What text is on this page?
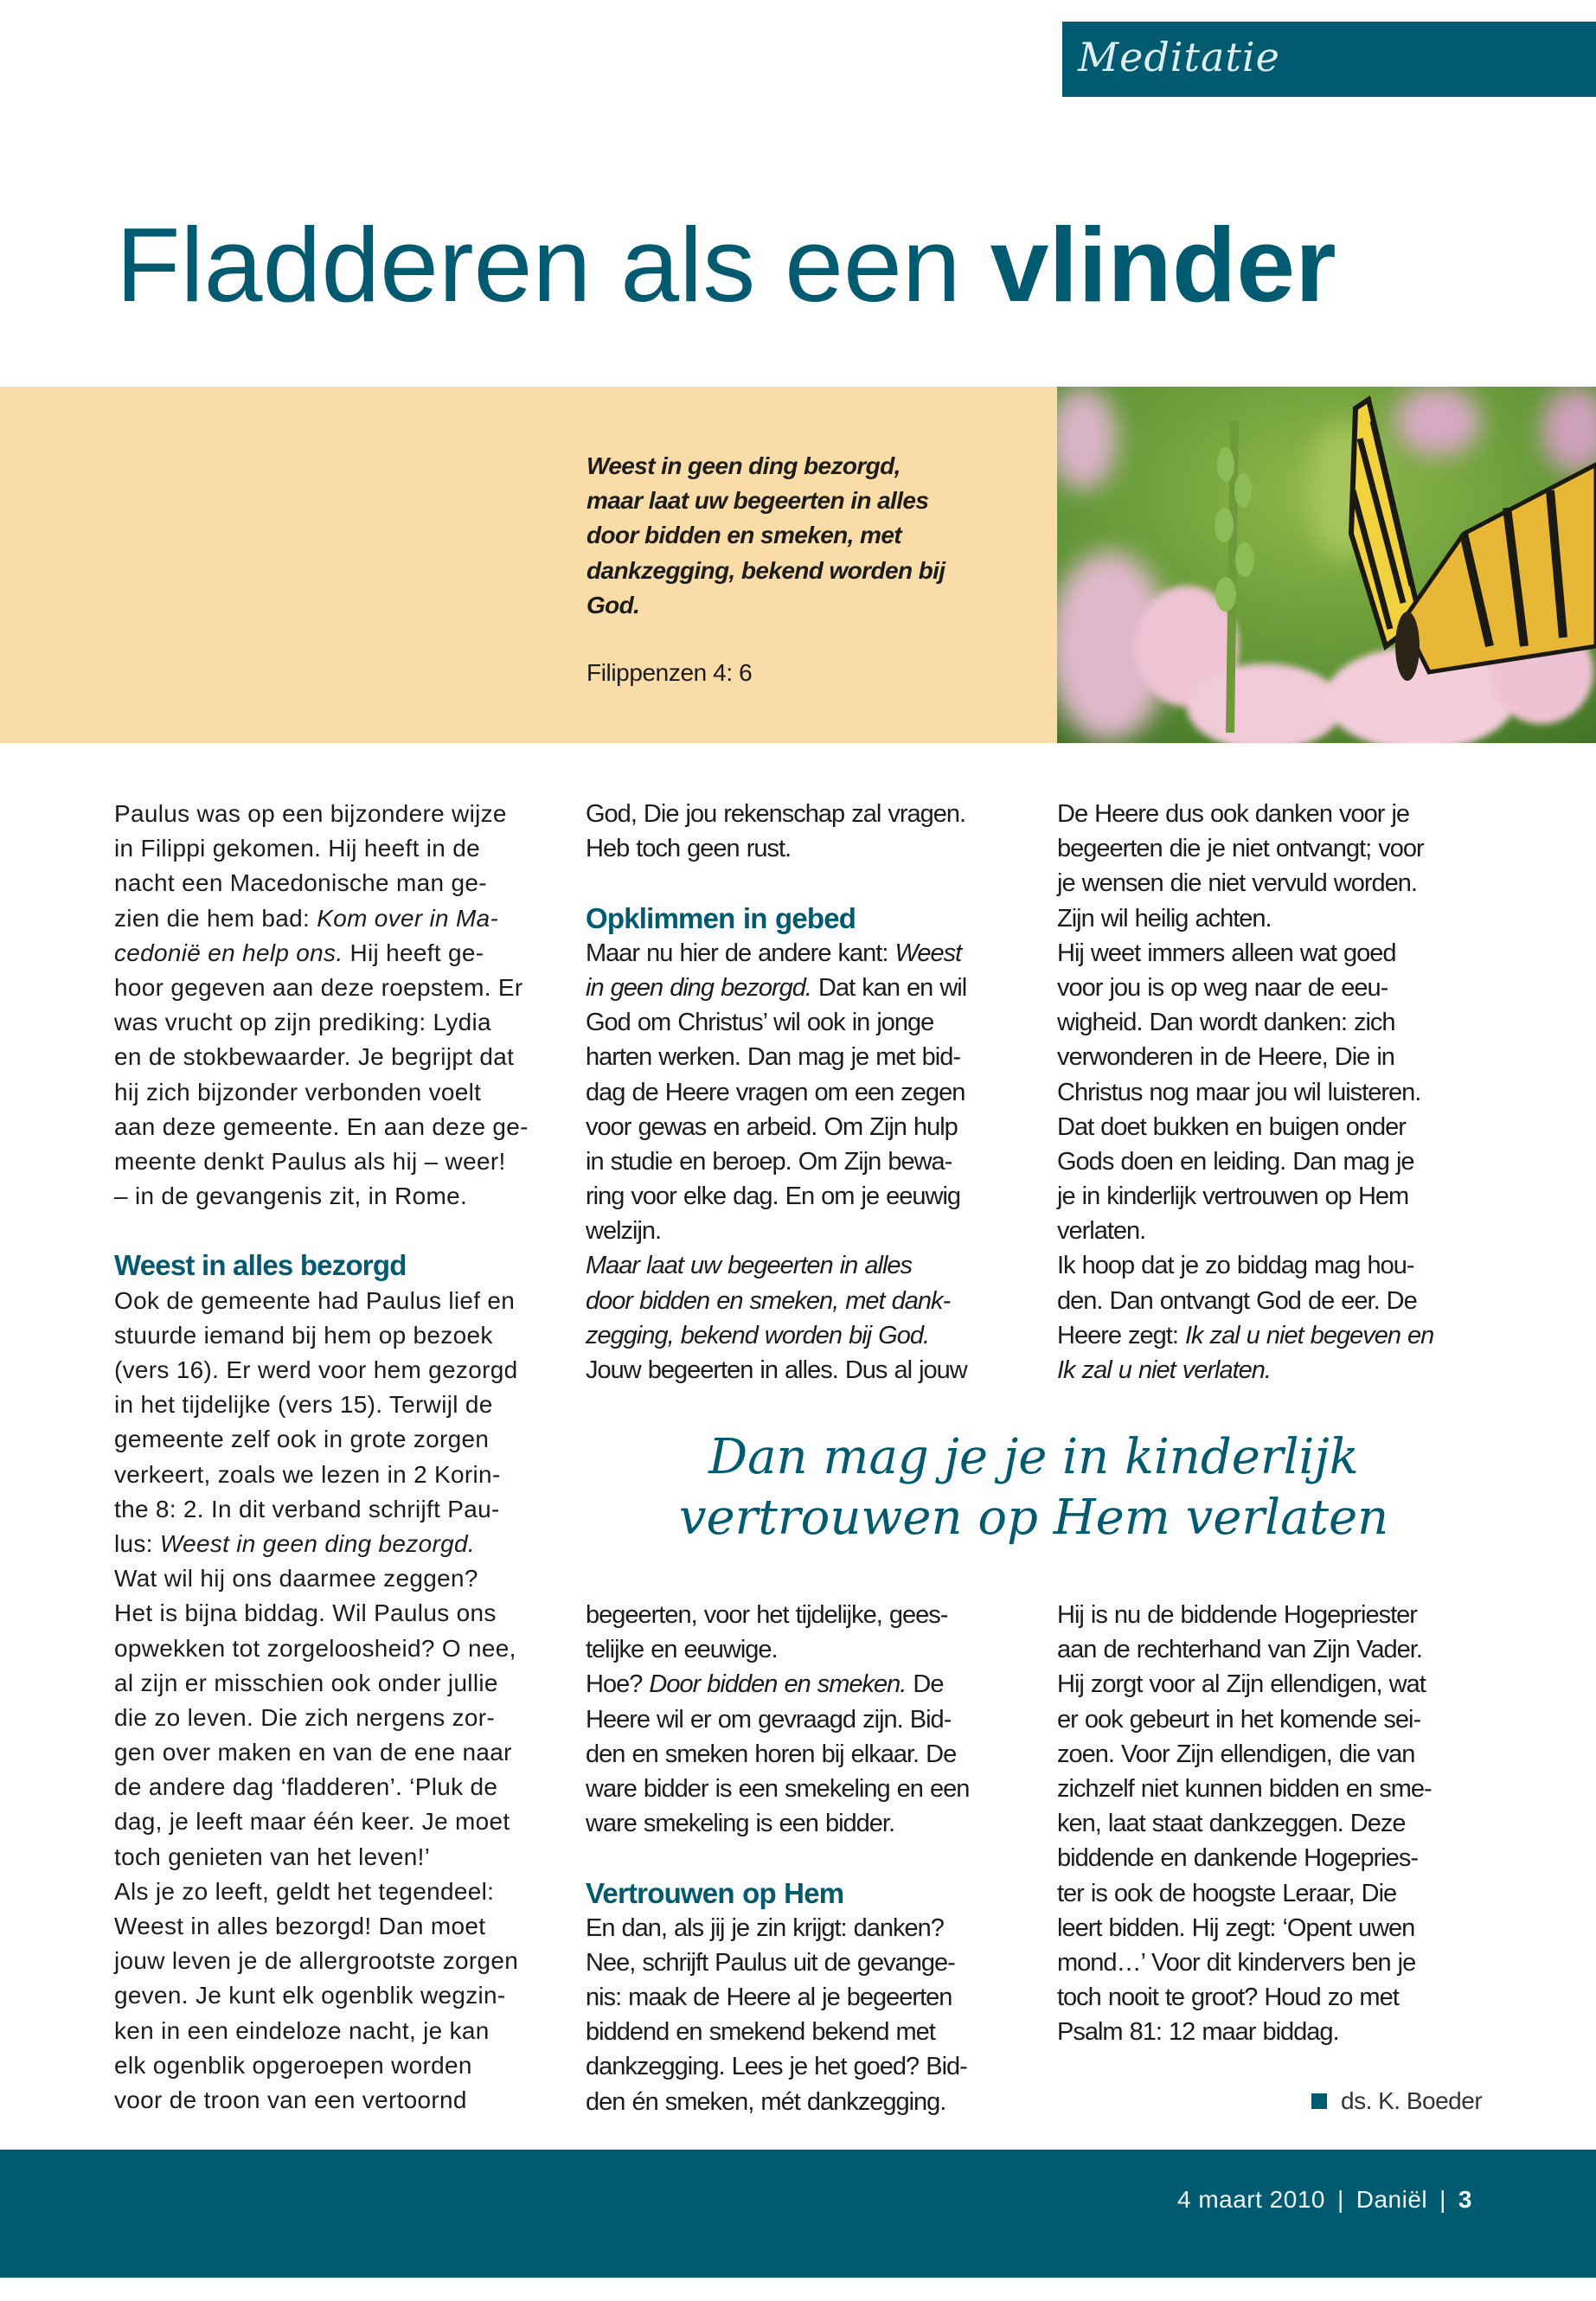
Meditatie
Fladderen als een vlinder
Weest in geen ding bezorgd,
maar laat uw begeerten in alles
door bidden en smeken, met
dankzegging, bekend worden bij
God.
Filippenzen 4: 6
Paulus was op een bijzondere wijze
in Filippi gekomen. Hij heeft in de
nacht een Macedonische man ge-
zien die hem bad: Kom over in Ma-
cedonië en help ons. Hij heeft ge-
hoor gegeven aan deze roepstem. Er
was vrucht op zijn prediking: Lydia
en de stokbewaarder. Je begrijpt dat
hij zich bijzonder verbonden voelt
aan deze gemeente. En aan deze ge-
meente denkt Paulus als hij – weer!
– in de gevangenis zit, in Rome.
Weest in alles bezorgd
Ook de gemeente had Paulus lief en
stuurde iemand bij hem op bezoek
(vers 16). Er werd voor hem gezorgd
in het tijdelijke (vers 15). Terwijl de
gemeente zelf ook in grote zorgen
verkeert, zoals we lezen in 2 Korin-
the 8: 2. In dit verband schrijft Pau-
lus: Weest in geen ding bezorgd.
Wat wil hij ons daarmee zeggen?
Het is bijna biddag. Wil Paulus ons
opwekken tot zorgeloosheid? O nee,
al zijn er misschien ook onder jullie
die zo leven. Die zich nergens zor-
gen over maken en van de ene naar
de andere dag ‘fladderen’. ‘Pluk de
dag, je leeft maar één keer. Je moet
toch genieten van het leven!’
Als je zo leeft, geldt het tegendeel:
Weest in alles bezorgd! Dan moet
jouw leven je de allergrootste zorgen
geven. Je kunt elk ogenblik wegzin-
ken in een eindeloze nacht, je kan
elk ogenblik opgeroepen worden
voor de troon van een vertoornd
God, Die jou rekenschap zal vragen.
Heb toch geen rust.
Opklimmen in gebed
Maar nu hier de andere kant: Weest
in geen ding bezorgd. Dat kan en wil
God om Christus’ wil ook in jonge
harten werken. Dan mag je met bid-
dag de Heere vragen om een zegen
voor gewas en arbeid. Om Zijn hulp
in studie en beroep. Om Zijn bewa-
ring voor elke dag. En om je eeuwig
welzijn.
Maar laat uw begeerten in alles
door bidden en smeken, met dank-
zegging, bekend worden bij God.
Jouw begeerten in alles. Dus al jouw
De Heere dus ook danken voor je
begeerten die je niet ontvangt; voor
je wensen die niet vervuld worden.
Zijn wil heilig achten.
Hij weet immers alleen wat goed
voor jou is op weg naar de eeu-
wigheid. Dan wordt danken: zich
verwonderen in de Heere, Die in
Christus nog maar jou wil luisteren.
Dat doet bukken en buigen onder
Gods doen en leiding. Dan mag je
je in kinderlijk vertrouwen op Hem
verlaten.
Ik hoop dat je zo biddag mag hou-
den. Dan ontvangt God de eer. De
Heere zegt: Ik zal u niet begeven en
Ik zal u niet verlaten.
Dan mag je je in kinderlijk
vertrouwen op Hem verlaten
begeerten, voor het tijdelijke, gees-
telijke en eeuwige.
Hoe? Door bidden en smeken. De
Heere wil er om gevraagd zijn. Bid-
den en smeken horen bij elkaar. De
ware bidder is een smekeling en een
ware smekeling is een bidder.
Vertrouwen op Hem
En dan, als jij je zin krijgt: danken?
Nee, schrijft Paulus uit de gevange-
nis: maak de Heere al je begeerten
biddend en smekend bekend met
dankzegging. Lees je het goed? Bid-
den én smeken, mét dankzegging.
Hij is nu de biddende Hogepriester
aan de rechterhand van Zijn Vader.
Hij zorgt voor al Zijn ellendigen, wat
er ook gebeurt in het komende sei-
zoen. Voor Zijn ellendigen, die van
zichzelf niet kunnen bidden en sme-
ken, laat staat dankzeggen. Deze
biddende en dankende Hogepries-
ter is ook de hoogste Leraar, Die
leert bidden. Hij zegt: ‘Opent uwen
mond…’ Voor dit kindervers ben je
toch nooit te groot? Houd zo met
Psalm 81: 12 maar biddag.
ds. K. Boeder
4 maart 2010 | Daniël | 3
